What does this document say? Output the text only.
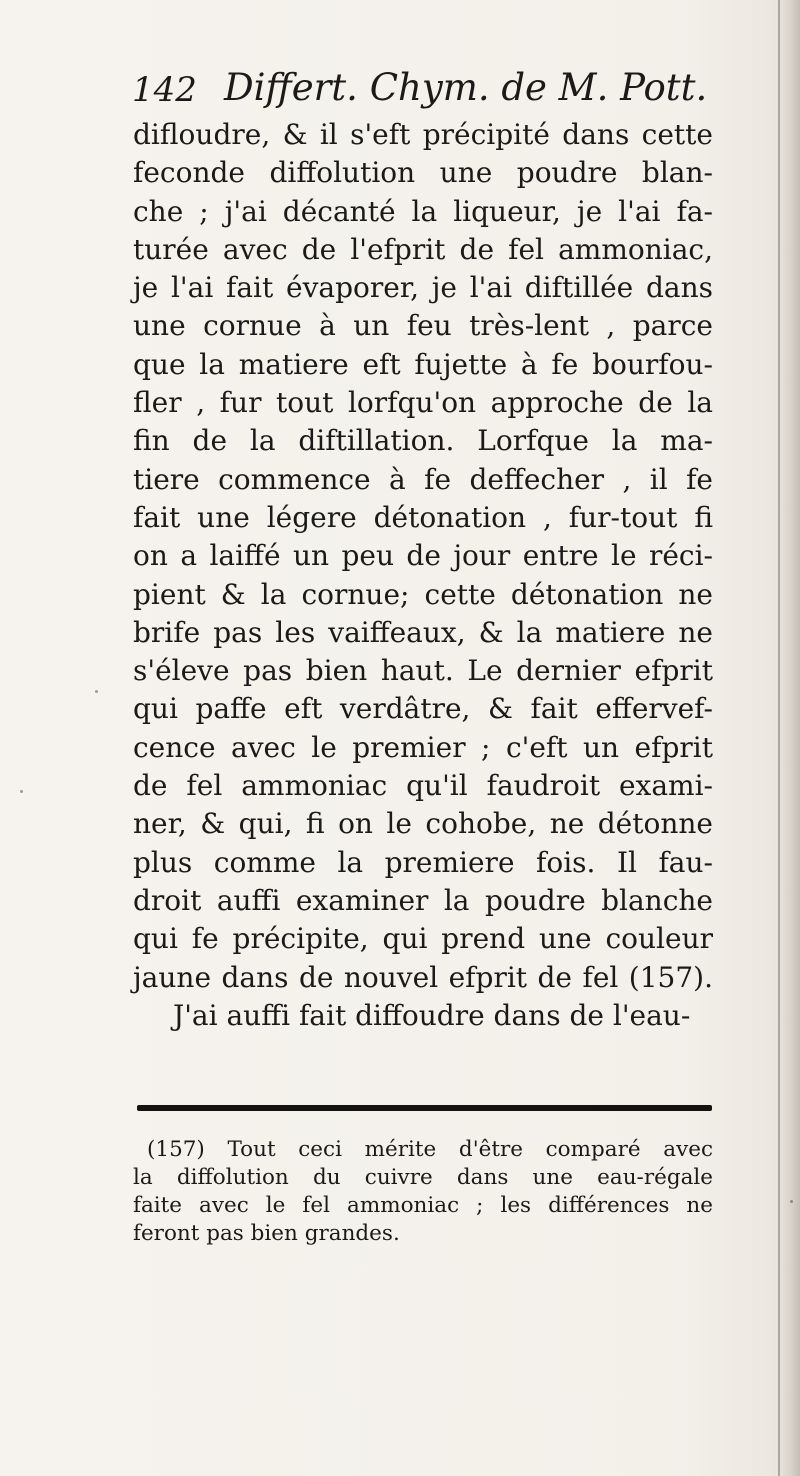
142 Differt. Chym. de M. Pott.
difloudre, & il s'eft précipité dans cette
feconde diffolution une poudre blan-
che ; j'ai décanté la liqueur, je l'ai fa-
turée avec de l'efprit de fel ammoniac,
je l'ai fait évaporer, je l'ai diftillée dans
une cornue à un feu très-lent , parce
que la matiere eft fujette à fe bourfou-
fler , fur tout lorfqu'on approche de la
fin de la diftillation. Lorfque la ma-
tiere commence à fe deffecher , il fe
fait une légere détonation , fur-tout fi
on a laiffé un peu de jour entre le réci-
pient & la cornue; cette détonation ne
brife pas les vaiffeaux, & la matiere ne
s'éleve pas bien haut. Le dernier efprit
qui paffe eft verdâtre, & fait effervef-
cence avec le premier ; c'eft un efprit
de fel ammoniac qu'il faudroit exami-
ner, & qui, fi on le cohobe, ne détonne
plus comme la premiere fois. Il fau-
droit auffi examiner la poudre blanche
qui fe précipite, qui prend une couleur
jaune dans de nouvel efprit de fel (157).
J'ai auffi fait diffoudre dans de l'eau-
(157) Tout ceci mérite d'être comparé avec
la diffolution du cuivre dans une eau-régale
faite avec le fel ammoniac ; les différences ne
feront pas bien grandes.
